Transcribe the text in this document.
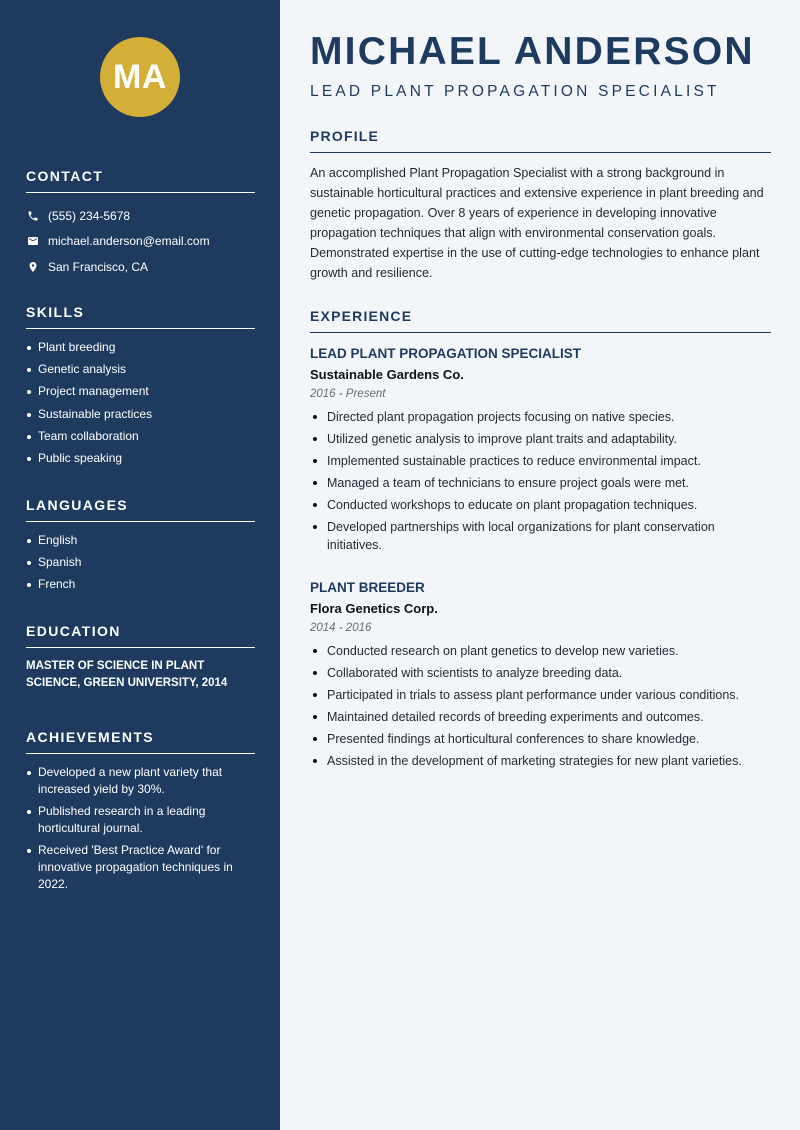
MA
CONTACT
(555) 234-5678
michael.anderson@email.com
San Francisco, CA
SKILLS
Plant breeding
Genetic analysis
Project management
Sustainable practices
Team collaboration
Public speaking
LANGUAGES
English
Spanish
French
EDUCATION

MASTER OF SCIENCE IN PLANT SCIENCE, GREEN UNIVERSITY, 2014

ACHIEVEMENTS
Developed a new plant variety that increased yield by 30%.
Published research in a leading horticultural journal.
Received 'Best Practice Award' for innovative propagation techniques in 2022.
MICHAEL ANDERSON
LEAD PLANT PROPAGATION SPECIALIST
PROFILE

An accomplished Plant Propagation Specialist with a strong background in sustainable horticultural practices and extensive experience in plant breeding and genetic propagation. Over 8 years of experience in developing innovative propagation techniques that align with environmental conservation goals. Demonstrated expertise in the use of cutting-edge technologies to enhance plant growth and resilience.

EXPERIENCE
LEAD PLANT PROPAGATION SPECIALIST
Sustainable Gardens Co.
2016 - Present
Directed plant propagation projects focusing on native species.
Utilized genetic analysis to improve plant traits and adaptability.
Implemented sustainable practices to reduce environmental impact.
Managed a team of technicians to ensure project goals were met.
Conducted workshops to educate on plant propagation techniques.
Developed partnerships with local organizations for plant conservation initiatives.
PLANT BREEDER
Flora Genetics Corp.
2014 - 2016
Conducted research on plant genetics to develop new varieties.
Collaborated with scientists to analyze breeding data.
Participated in trials to assess plant performance under various conditions.
Maintained detailed records of breeding experiments and outcomes.
Presented findings at horticultural conferences to share knowledge.
Assisted in the development of marketing strategies for new plant varieties.
